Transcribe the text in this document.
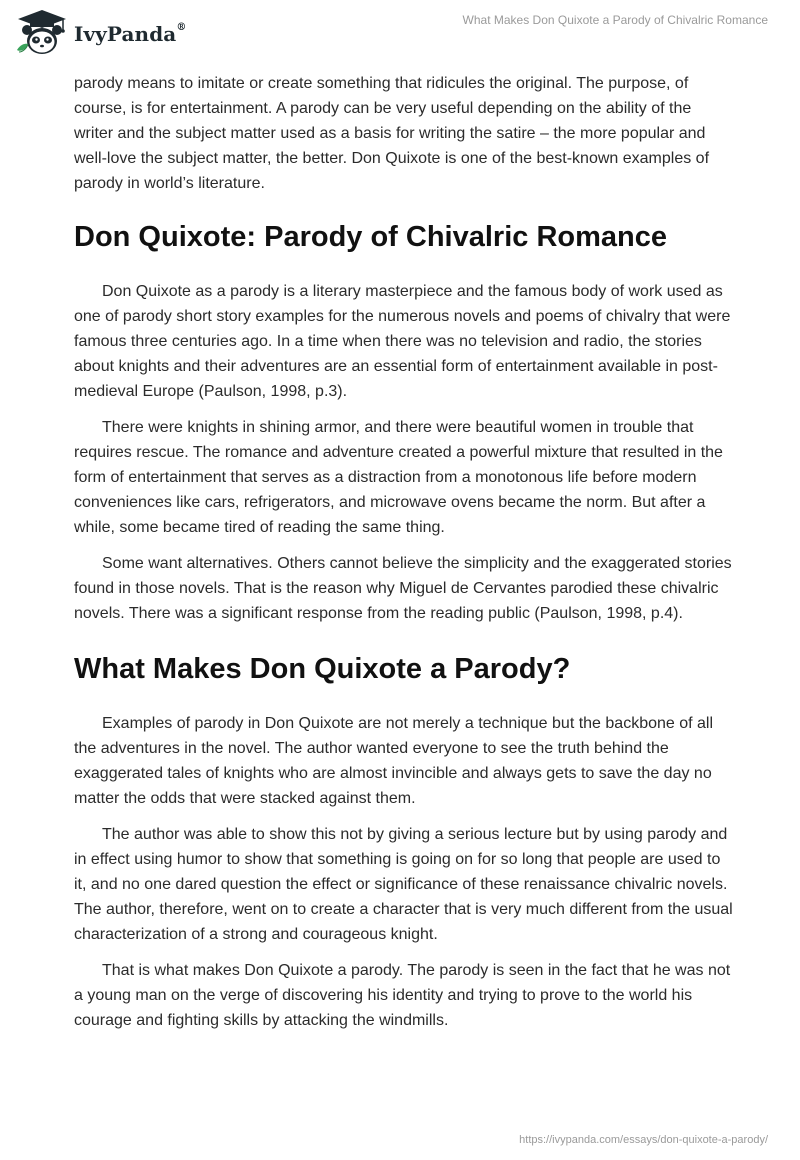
IvyPanda®
What Makes Don Quixote a Parody of Chivalric Romance

parody means to imitate or create something that ridicules the original. The purpose, of course, is for entertainment. A parody can be very useful depending on the ability of the writer and the subject matter used as a basis for writing the satire – the more popular and well-love the subject matter, the better. Don Quixote is one of the best-known examples of parody in world’s literature.

Don Quixote: Parody of Chivalric Romance

Don Quixote as a parody is a literary masterpiece and the famous body of work used as one of parody short story examples for the numerous novels and poems of chivalry that were famous three centuries ago. In a time when there was no television and radio, the stories about knights and their adventures are an essential form of entertainment available in post-medieval Europe (Paulson, 1998, p.3).

There were knights in shining armor, and there were beautiful women in trouble that requires rescue. The romance and adventure created a powerful mixture that resulted in the form of entertainment that serves as a distraction from a monotonous life before modern conveniences like cars, refrigerators, and microwave ovens became the norm. But after a while, some became tired of reading the same thing.

Some want alternatives. Others cannot believe the simplicity and the exaggerated stories found in those novels. That is the reason why Miguel de Cervantes parodied these chivalric novels. There was a significant response from the reading public (Paulson, 1998, p.4).

What Makes Don Quixote a Parody?

Examples of parody in Don Quixote are not merely a technique but the backbone of all the adventures in the novel. The author wanted everyone to see the truth behind the exaggerated tales of knights who are almost invincible and always gets to save the day no matter the odds that were stacked against them.

The author was able to show this not by giving a serious lecture but by using parody and in effect using humor to show that something is going on for so long that people are used to it, and no one dared question the effect or significance of these renaissance chivalric novels. The author, therefore, went on to create a character that is very much different from the usual characterization of a strong and courageous knight.

That is what makes Don Quixote a parody. The parody is seen in the fact that he was not a young man on the verge of discovering his identity and trying to prove to the world his courage and fighting skills by attacking the windmills.

https://ivypanda.com/essays/don-quixote-a-parody/
